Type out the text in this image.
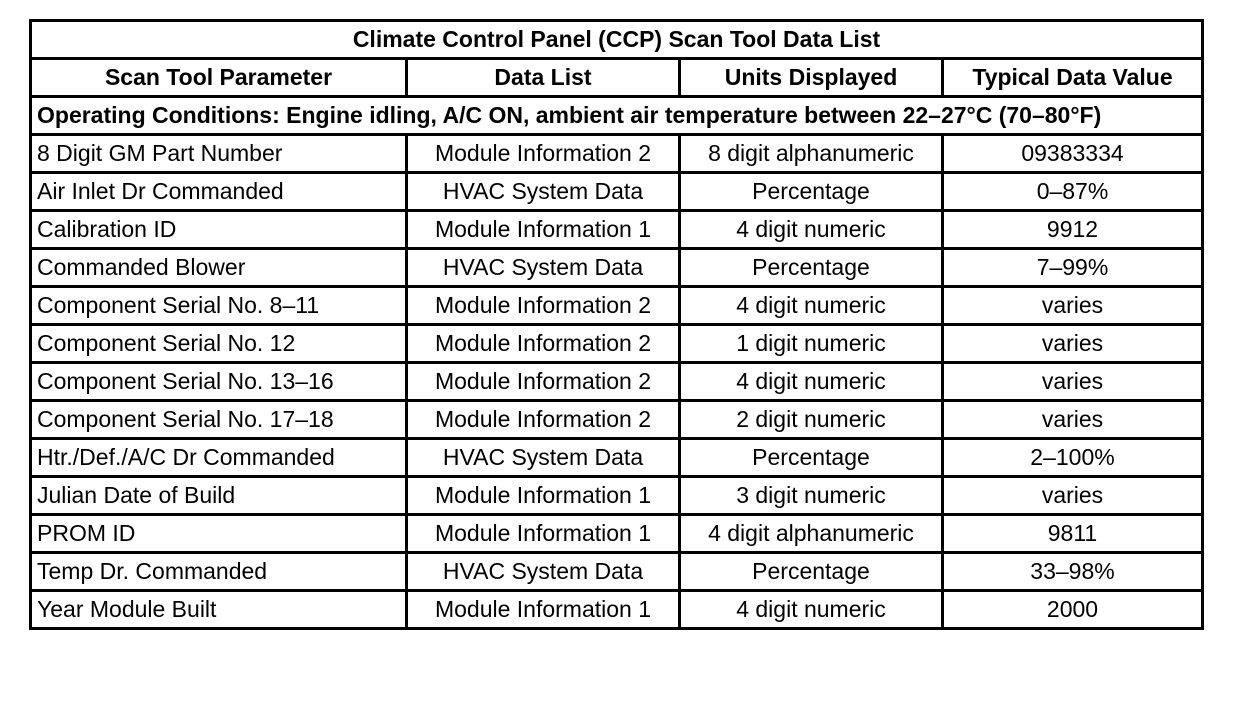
Climate Control Panel (CCP) Scan Tool Data List			
Scan Tool Parameter	Data List	Units Displayed	Typical Data Value
Operating Conditions: Engine idling, A/C ON, ambient air temperature between 22–27°C (70–80°F)			
8 Digit GM Part Number	Module Information 2	8 digit alphanumeric	09383334
Air Inlet Dr Commanded	HVAC System Data	Percentage	0–87%
Calibration ID	Module Information 1	4 digit numeric	9912
Commanded Blower	HVAC System Data	Percentage	7–99%
Component Serial No. 8–11	Module Information 2	4 digit numeric	varies
Component Serial No. 12	Module Information 2	1 digit numeric	varies
Component Serial No. 13–16	Module Information 2	4 digit numeric	varies
Component Serial No. 17–18	Module Information 2	2 digit numeric	varies
Htr./Def./A/C Dr Commanded	HVAC System Data	Percentage	2–100%
Julian Date of Build	Module Information 1	3 digit numeric	varies
PROM ID	Module Information 1	4 digit alphanumeric	9811
Temp Dr. Commanded	HVAC System Data	Percentage	33–98%
Year Module Built	Module Information 1	4 digit numeric	2000
